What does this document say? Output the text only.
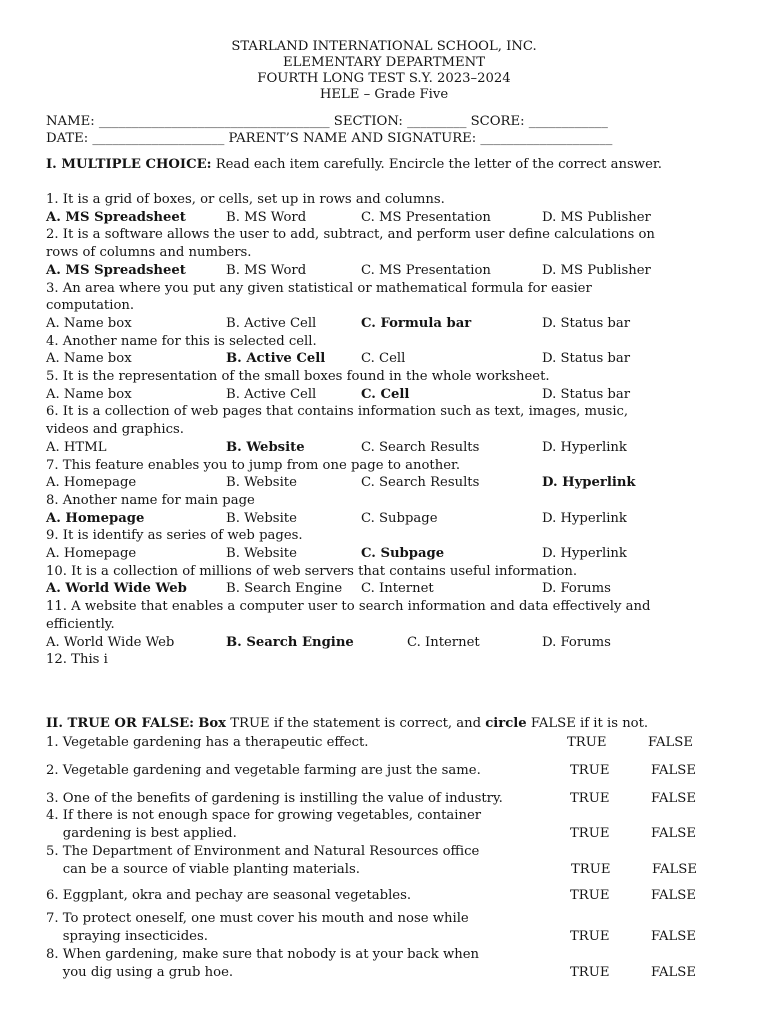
STARLAND INTERNATIONAL SCHOOL, INC.
ELEMENTARY DEPARTMENT
FOURTH LONG TEST S.Y. 2023–2024
HELE – Grade Five
NAME: ___________________________________ SECTION: _________ SCORE: ____________
DATE: ____________________ PARENT’S NAME AND SIGNATURE: ____________________
I. MULTIPLE CHOICE: Read each item carefully. Encircle the letter of the correct answer.
1. It is a grid of boxes, or cells, set up in rows and columns.
A. MS Spreadsheet	B. MS Word	C. MS Presentation	D. MS Publisher
2. It is a software allows the user to add, subtract, and perform user define calculations on
rows of columns and numbers.
A. MS Spreadsheet	B. MS Word	C. MS Presentation	D. MS Publisher
3. An area where you put any given statistical or mathematical formula for easier
computation.
A. Name box	B. Active Cell	C. Formula bar	D. Status bar
4. Another name for this is selected cell.
A. Name box	B. Active Cell	C. Cell	D. Status bar
5. It is the representation of the small boxes found in the whole worksheet.
A. Name box	B. Active Cell	C. Cell	D. Status bar
6. It is a collection of web pages that contains information such as text, images, music,
videos and graphics.
A. HTML	B. Website	C. Search Results	D. Hyperlink
7. This feature enables you to jump from one page to another.
A. Homepage	B. Website	C. Search Results	D. Hyperlink
8. Another name for main page
A. Homepage	B. Website	C. Subpage	D. Hyperlink
9. It is identify as series of web pages.
A. Homepage	B. Website	C. Subpage	D. Hyperlink
10. It is a collection of millions of web servers that contains useful information.
A. World Wide Web	B. Search Engine C. Internet	D. Forums
11. A website that enables a computer user to search information and data effectively and
efficiently.
A. World Wide Web	B. Search Engine	C. Internet	D. Forums
12. This i
II. TRUE OR FALSE: Box TRUE if the statement is correct, and circle FALSE if it is not.
1. Vegetable gardening has a therapeutic effect.	TRUE	FALSE
2. Vegetable gardening and vegetable farming are just the same.	TRUE	FALSE
3. One of the benefits of gardening is instilling the value of industry.	TRUE	FALSE
4. If there is not enough space for growing vegetables, container
gardening is best applied.	TRUE	FALSE
5. The Department of Environment and Natural Resources office
can be a source of viable planting materials.	TRUE	FALSE
6. Eggplant, okra and pechay are seasonal vegetables.	TRUE	FALSE
7. To protect oneself, one must cover his mouth and nose while
spraying insecticides.	TRUE	FALSE
8. When gardening, make sure that nobody is at your back when
you dig using a grub hoe.	TRUE	FALSE
